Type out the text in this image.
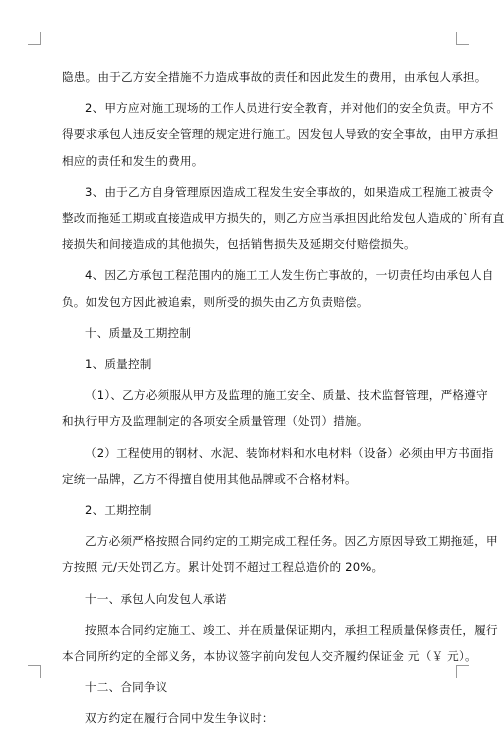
隐患。由于乙方安全措施不力造成事故的责任和因此发生的费用，由承包人承担。

2、甲方应对施工现场的工作人员进行安全教育，并对他们的安全负责。甲方不
得要求承包人违反安全管理的规定进行施工。因发包人导致的安全事故，由甲方承担
相应的责任和发生的费用。

3、由于乙方自身管理原因造成工程发生安全事故的，如果造成工程施工被责令
整改而拖延工期或直接造成甲方损失的，则乙方应当承担因此给发包人造成的`所有直
接损失和间接造成的其他损失，包括销售损失及延期交付赔偿损失。

4、因乙方承包工程范围内的施工工人发生伤亡事故的，一切责任均由承包人自
负。如发包方因此被追索，则所受的损失由乙方负责赔偿。

十、质量及工期控制

1、质量控制

（1）、乙方必须服从甲方及监理的施工安全、质量、技术监督管理，严格遵守
和执行甲方及监理制定的各项安全质量管理（处罚）措施。

（2）工程使用的钢材、水泥、装饰材料和水电材料（设备）必须由甲方书面指
定统一品牌，乙方不得擅自使用其他品牌或不合格材料。

2、工期控制

乙方必须严格按照合同约定的工期完成工程任务。因乙方原因导致工期拖延，甲
方按照 元/天处罚乙方。累计处罚不超过工程总造价的 20%。

十一、承包人向发包人承诺

按照本合同约定施工、竣工、并在质量保证期内，承担工程质量保修责任，履行
本合同所约定的全部义务，本协议签字前向发包人交齐履约保证金 元（￥ 元）。

十二、合同争议

双方约定在履行合同中发生争议时：
